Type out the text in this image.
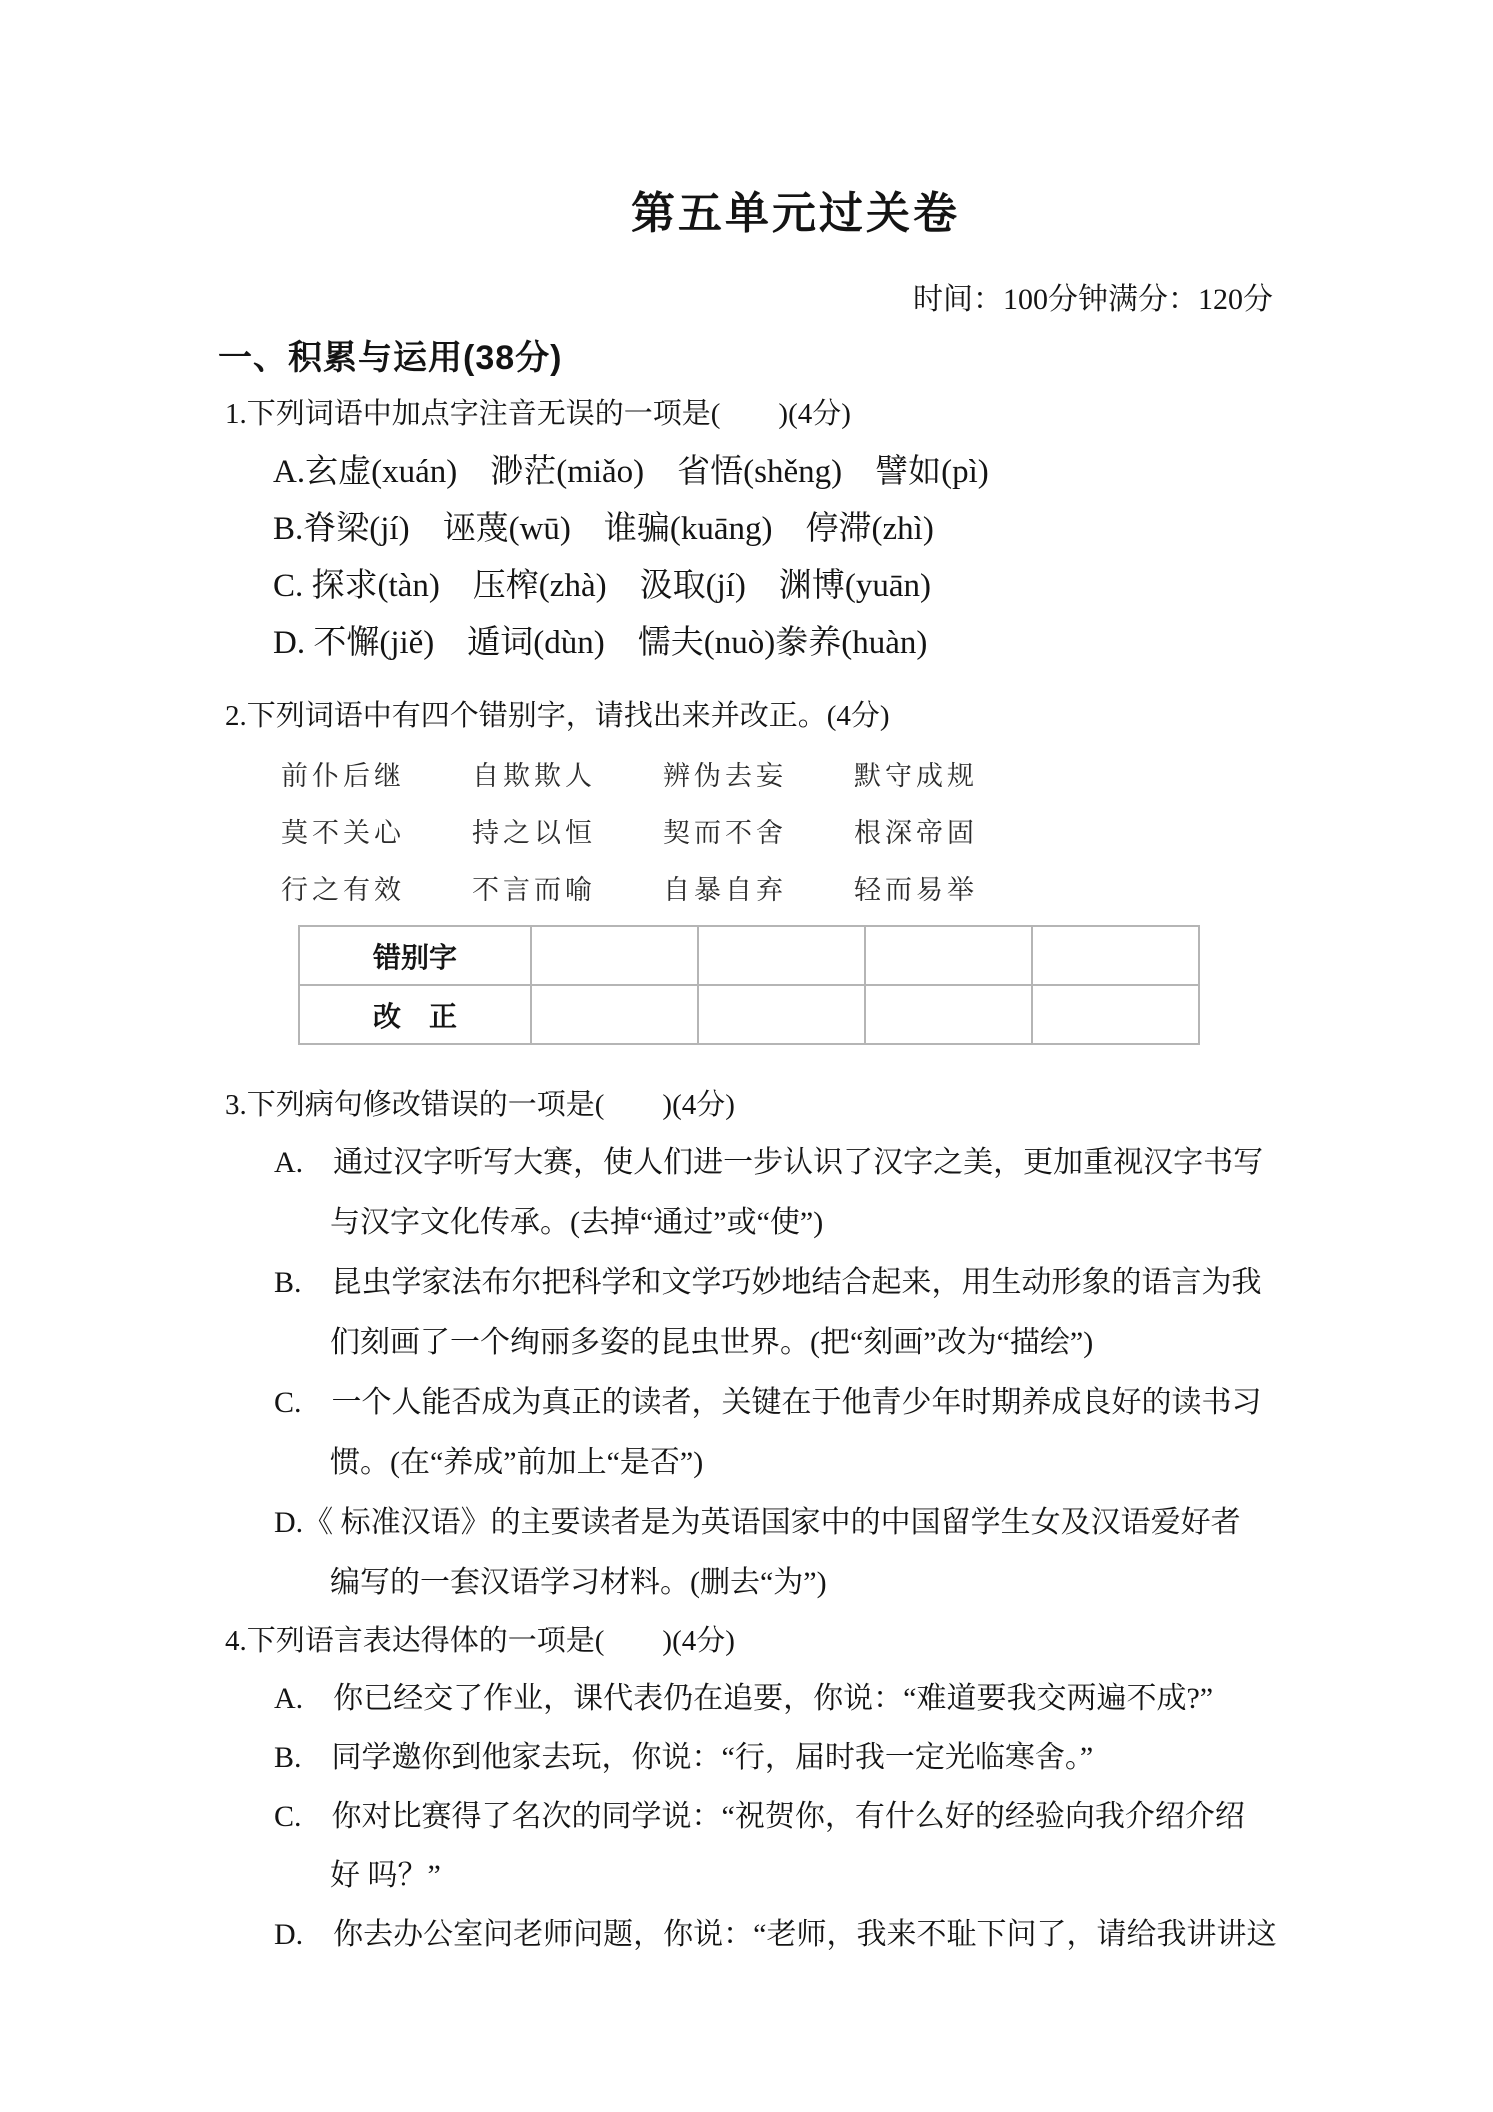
第五单元过关卷
时间：100分钟满分：120分
一、积累与运用(38分)
1.下列词语中加点字注音无误的一项是(　　)(4分)
A.玄虚(xuán)　渺茫(miǎo)　省悟(shěng)　譬如(pì)
B.脊梁(jí)　诬蔑(wū)　谁骗(kuāng)　停滞(zhì)
C. 探求(tàn)　压榨(zhà)　汲取(jí)　渊博(yuān)
D. 不懈(jiě)　遁词(dùn)　懦夫(nuò)豢养(huàn)
2.下列词语中有四个错别字，请找出来并改正。(4分)
前仆后继 自欺欺人 辨伪去妄 默守成规
莫不关心 持之以恒 契而不舍 根深帝固
行之有效 不言而喻 自暴自弃 轻而易举
错别字				
改　正				
3.下列病句修改错误的一项是(　　)(4分)
A.　通过汉字听写大赛，使人们进一步认识了汉字之美，更加重视汉字书写
与汉字文化传承。(去掉“通过”或“使”)
B.　昆虫学家法布尔把科学和文学巧妙地结合起来，用生动形象的语言为我
们刻画了一个绚丽多姿的昆虫世界。(把“刻画”改为“描绘”)
C.　一个人能否成为真正的读者，关键在于他青少年时期养成良好的读书习
惯。(在“养成”前加上“是否”)
D.《 标准汉语》的主要读者是为英语国家中的中国留学生女及汉语爱好者
编写的一套汉语学习材料。(删去“为”)
4.下列语言表达得体的一项是(　　)(4分)
A.　你已经交了作业，课代表仍在追要，你说：“难道要我交两遍不成?”
B.　同学邀你到他家去玩，你说：“行，届时我一定光临寒舍。”
C.　你对比赛得了名次的同学说：“祝贺你，有什么好的经验向我介绍介绍
好 吗？”
D.　你去办公室问老师问题，你说：“老师，我来不耻下问了，请给我讲讲这
